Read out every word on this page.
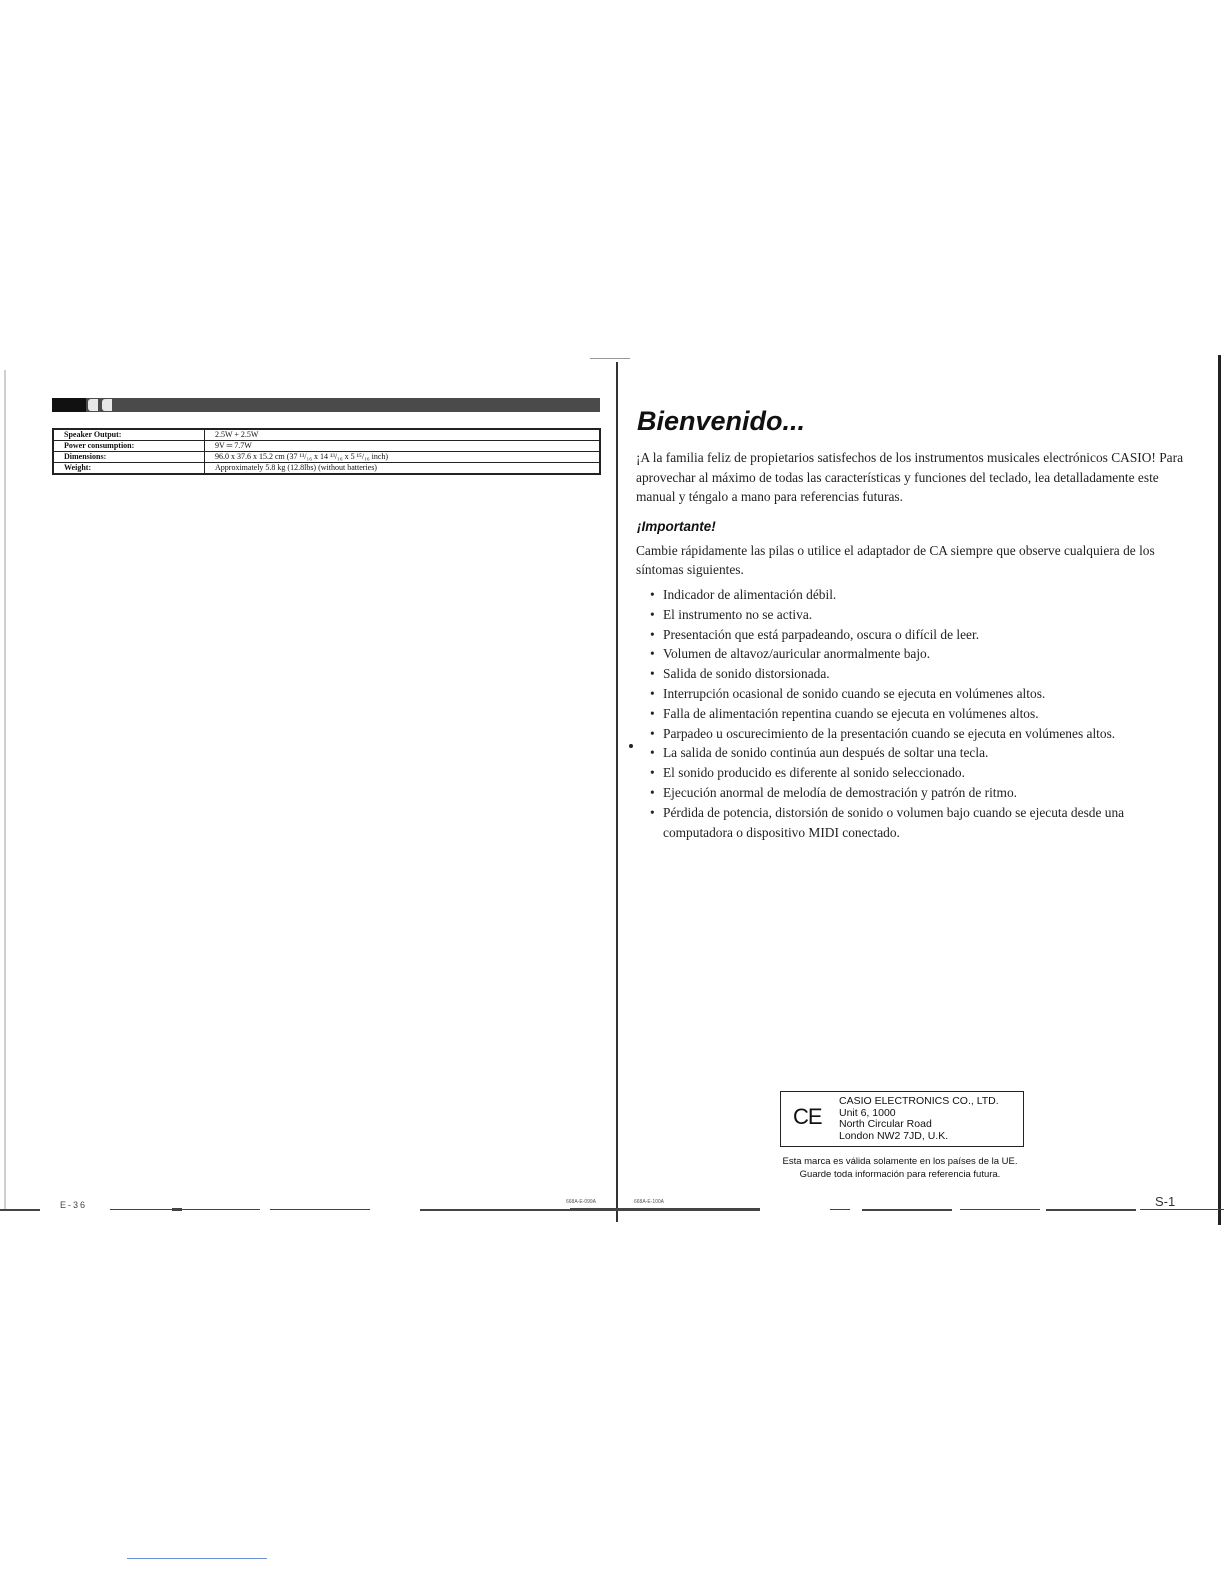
Speaker Output:	2.5W + 2.5W
Power consumption:	9V ═ 7.7W
Dimensions:	96.0 x 37.6 x 15.2 cm (37 ¹³/₁₆ x 14 ¹³/₁₆ x 5 ¹⁵/₁₆ inch)
Weight:	Approximately 5.8 kg (12.8lbs) (without batteries)
E-36	668A-E-099A	668A-E-100A
Bienvenido...

¡A la familia feliz de propietarios satisfechos de los instrumentos musicales electrónicos CASIO! Para aprovechar al máximo de todas las características y funciones del teclado, lea detalladamente este manual y téngalo a mano para referencias futuras.

¡Importante!

Cambie rápidamente las pilas o utilice el adaptador de CA siempre que observe cualquiera de los síntomas siguientes.

• Indicador de alimentación débil.
• El instrumento no se activa.
• Presentación que está parpadeando, oscura o difícil de leer.
• Volumen de altavoz/auricular anormalmente bajo.
• Salida de sonido distorsionada.
• Interrupción ocasional de sonido cuando se ejecuta en volúmenes altos.
• Falla de alimentación repentina cuando se ejecuta en volúmenes altos.
• Parpadeo u oscurecimiento de la presentación cuando se ejecuta en volúmenes altos.
• La salida de sonido continúa aun después de soltar una tecla.
• El sonido producido es diferente al sonido seleccionado.
• Ejecución anormal de melodía de demostración y patrón de ritmo.
• Pérdida de potencia, distorsión de sonido o volumen bajo cuando se ejecuta desde una computadora o dispositivo MIDI conectado.
CE
CASIO ELECTRONICS CO., LTD.
Unit 6, 1000
North Circular Road
London NW2 7JD, U.K.
Esta marca es válida solamente en los países de la UE.
Guarde toda información para referencia futura.
S-1
